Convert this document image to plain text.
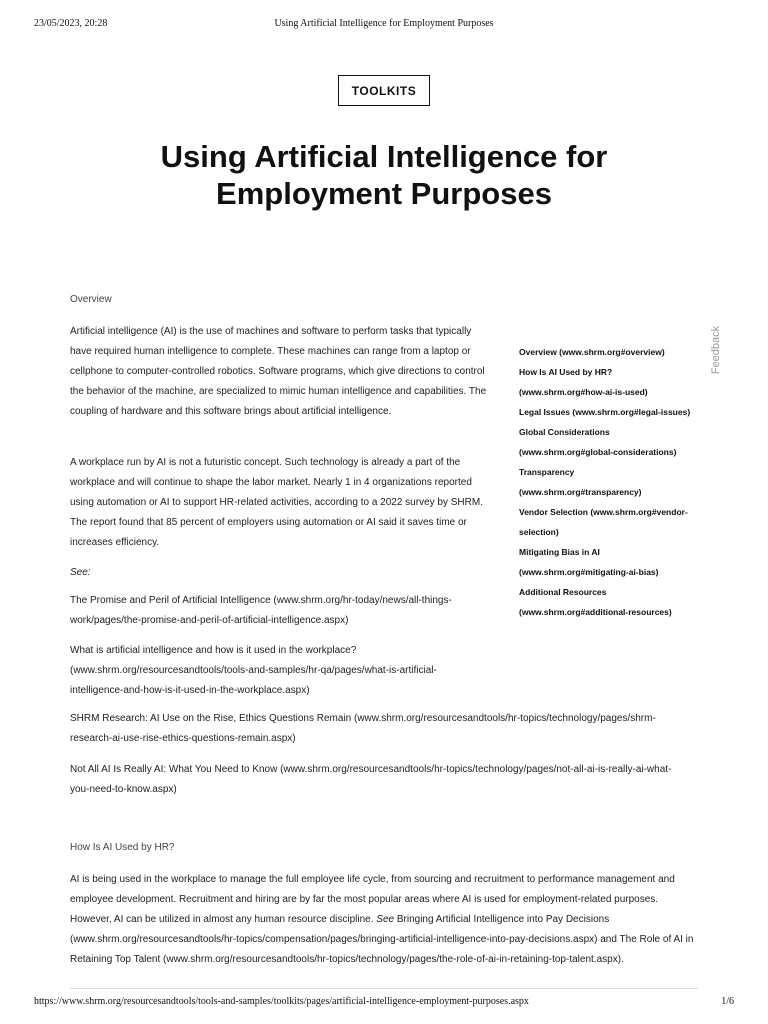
23/05/2023, 20:28	Using Artificial Intelligence for Employment Purposes
TOOLKITS
Using Artificial Intelligence for
Employment Purposes
Overview

Artificial intelligence (AI) is the use of machines and software to perform tasks that typically have required human intelligence to complete. These machines can range from a laptop or cellphone to computer-controlled robotics. Software programs, which give directions to control the behavior of the machine, are specialized to mimic human intelligence and capabilities. The coupling of hardware and this software brings about artificial intelligence.

A workplace run by AI is not a futuristic concept. Such technology is already a part of the workplace and will continue to shape the labor market. Nearly 1 in 4 organizations reported using automation or AI to support HR-related activities, according to a 2022 survey by SHRM. The report found that 85 percent of employers using automation or AI said it saves time or increases efficiency.

See:

The Promise and Peril of Artificial Intelligence (www.shrm.org/hr-today/news/all-things-work/pages/the-promise-and-peril-of-artificial-intelligence.aspx)

What is artificial intelligence and how is it used in the workplace? (www.shrm.org/resourcesandtools/tools-and-samples/hr-qa/pages/what-is-artificial-intelligence-and-how-is-it-used-in-the-workplace.aspx)

SHRM Research: AI Use on the Rise, Ethics Questions Remain (www.shrm.org/resourcesandtools/hr-topics/technology/pages/shrm-research-ai-use-rise-ethics-questions-remain.aspx)

Not All AI Is Really AI: What You Need to Know (www.shrm.org/resourcesandtools/hr-topics/technology/pages/not-all-ai-is-really-ai-what-you-need-to-know.aspx)

How Is AI Used by HR?

AI is being used in the workplace to manage the full employee life cycle, from sourcing and recruitment to performance management and employee development. Recruitment and hiring are by far the most popular areas where AI is used for employment-related purposes. However, AI can be utilized in almost any human resource discipline. See Bringing Artificial Intelligence into Pay Decisions (www.shrm.org/resourcesandtools/hr-topics/compensation/pages/bringing-artificial-intelligence-into-pay-decisions.aspx) and The Role of AI in Retaining Top Talent (www.shrm.org/resourcesandtools/hr-topics/technology/pages/the-role-of-ai-in-retaining-top-talent.aspx).

Overview (www.shrm.org#overview)
How Is AI Used by HR? (www.shrm.org#how-ai-is-used)
Legal Issues (www.shrm.org#legal-issues)
Global Considerations (www.shrm.org#global-considerations)
Transparency (www.shrm.org#transparency)
Vendor Selection (www.shrm.org#vendor-selection)
Mitigating Bias in AI (www.shrm.org#mitigating-ai-bias)
Additional Resources (www.shrm.org#additional-resources)
Feedback
https://www.shrm.org/resourcesandtools/tools-and-samples/toolkits/pages/artificial-intelligence-employment-purposes.aspx	1/6
